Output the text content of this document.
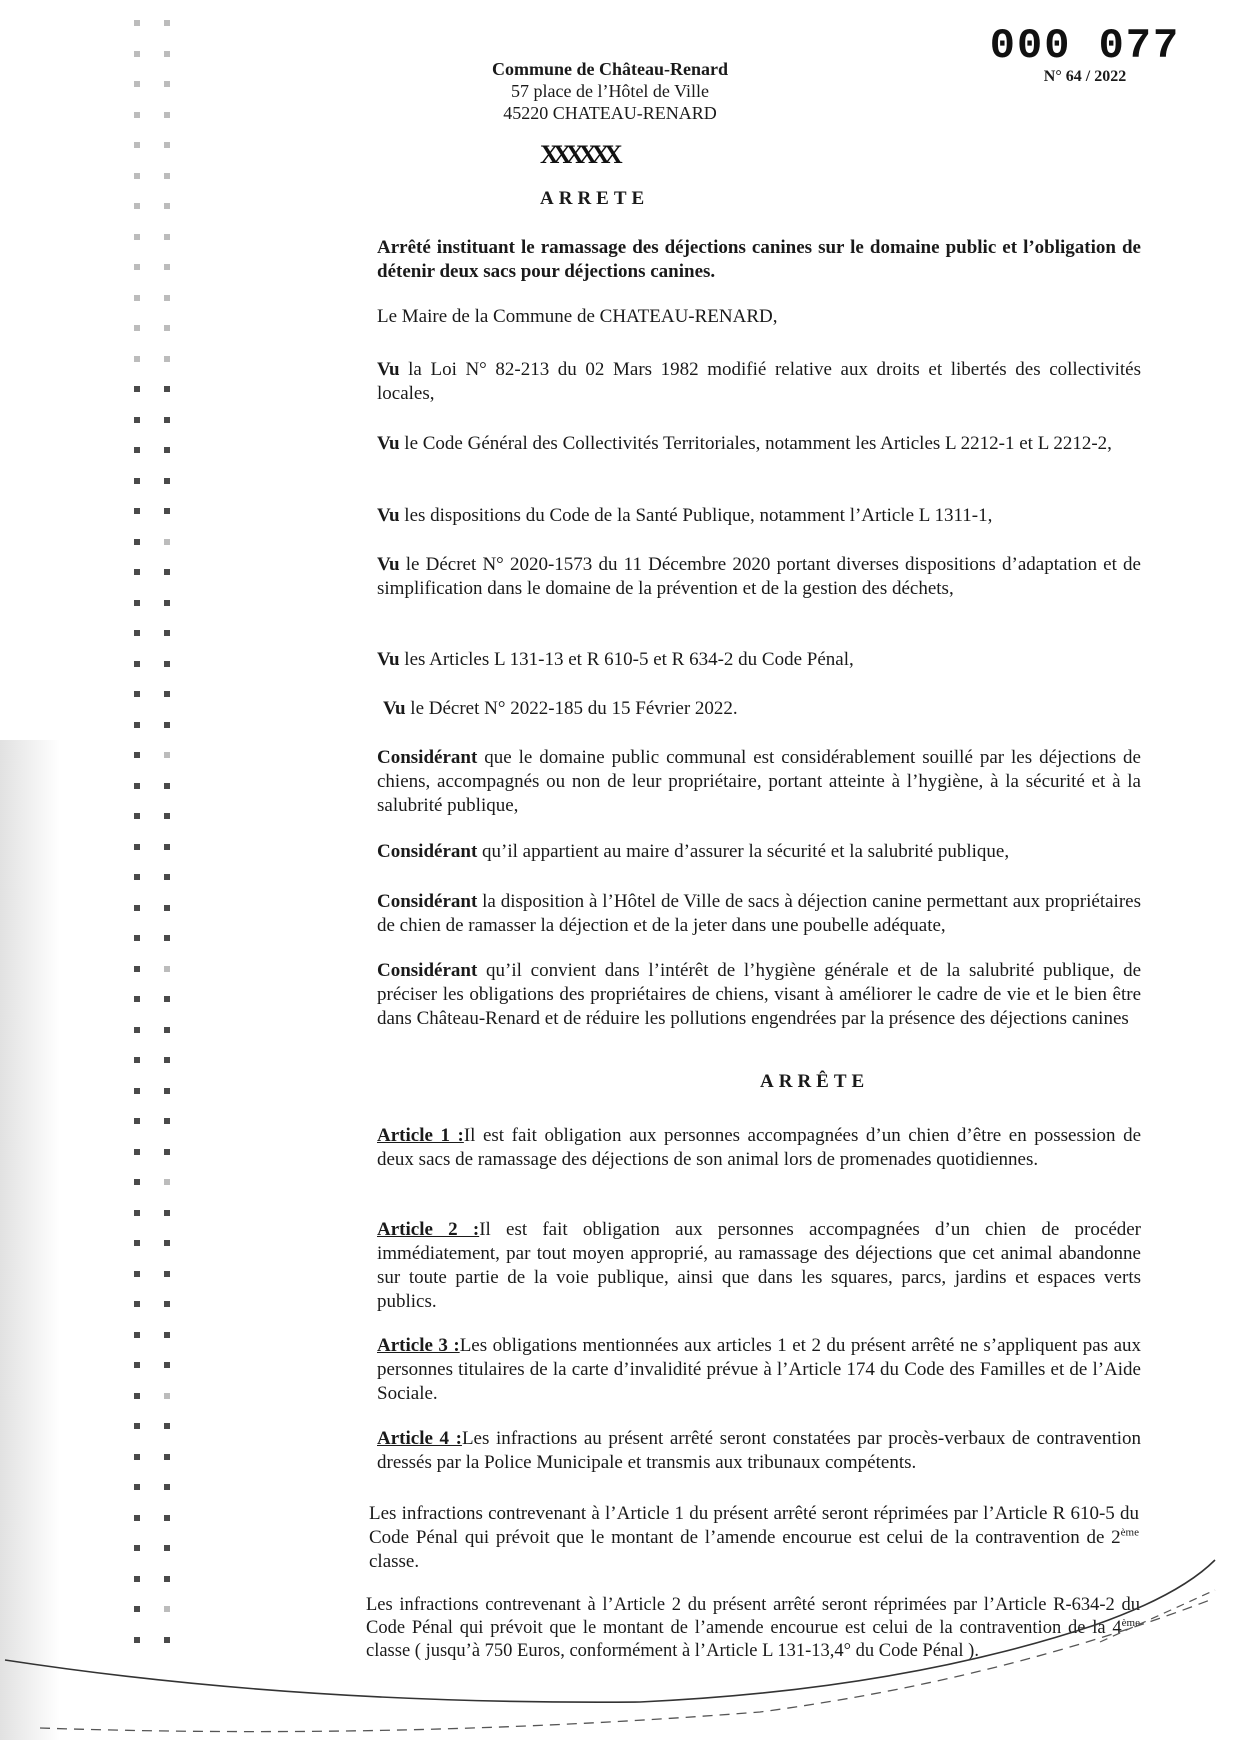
Commune de Château-Renard
57 place de l’Hôtel de Ville
45220 CHATEAU-RENARD
000 077
N° 64 / 2022
XXXXXX
ARRETE
Arrêté instituant le ramassage des déjections canines sur le domaine public et l’obligation de détenir deux sacs pour déjections canines.
Le Maire de la Commune de CHATEAU-RENARD,
Vu la Loi N° 82-213 du 02 Mars 1982 modifié relative aux droits et libertés des collectivités locales,
Vu le Code Général des Collectivités Territoriales, notamment les Articles L 2212-1 et L 2212-2,
Vu les dispositions du Code de la Santé Publique, notamment l’Article L 1311-1,
Vu le Décret N° 2020-1573 du 11 Décembre 2020 portant diverses dispositions d’adaptation et de simplification dans le domaine de la prévention et de la gestion des déchets,
Vu les Articles L 131-13 et R 610-5 et R 634-2 du Code Pénal,
Vu le Décret N° 2022-185 du 15 Février 2022.
Considérant que le domaine public communal est considérablement souillé par les déjections de chiens, accompagnés ou non de leur propriétaire, portant atteinte à l’hygiène, à la sécurité et à la salubrité publique,
Considérant qu’il appartient au maire d’assurer la sécurité et la salubrité publique,
Considérant la disposition à l’Hôtel de Ville de sacs à déjection canine permettant aux propriétaires de chien de ramasser la déjection et de la jeter dans une poubelle adéquate,
Considérant qu’il convient dans l’intérêt de l’hygiène générale et de la salubrité publique, de préciser les obligations des propriétaires de chiens, visant à améliorer le cadre de vie et le bien être dans Château-Renard et de réduire les pollutions engendrées par la présence des déjections canines
ARRÊTE
Article 1 :Il est fait obligation aux personnes accompagnées d’un chien d’être en possession de deux sacs de ramassage des déjections de son animal lors de promenades quotidiennes.
Article 2 :Il est fait obligation aux personnes accompagnées d’un chien de procéder immédiatement, par tout moyen approprié, au ramassage des déjections que cet animal abandonne sur toute partie de la voie publique, ainsi que dans les squares, parcs, jardins et espaces verts publics.
Article 3 :Les obligations mentionnées aux articles 1 et 2 du présent arrêté ne s’appliquent pas aux personnes titulaires de la carte d’invalidité prévue à l’Article 174 du Code des Familles et de l’Aide Sociale.
Article 4 :Les infractions au présent arrêté seront constatées par procès-verbaux de contravention dressés par la Police Municipale et transmis aux tribunaux compétents.
Les infractions contrevenant à l’Article 1 du présent arrêté seront réprimées par l’Article R 610-5 du Code Pénal qui prévoit que le montant de l’amende encourue est celui de la contravention de 2ème classe.
Les infractions contrevenant à l’Article 2 du présent arrêté seront réprimées par l’Article R-634-2 du Code Pénal qui prévoit que le montant de l’amende encourue est celui de la contravention de la 4ème classe ( jusqu’à 750 Euros, conformément à l’Article L 131-13,4° du Code Pénal ).
